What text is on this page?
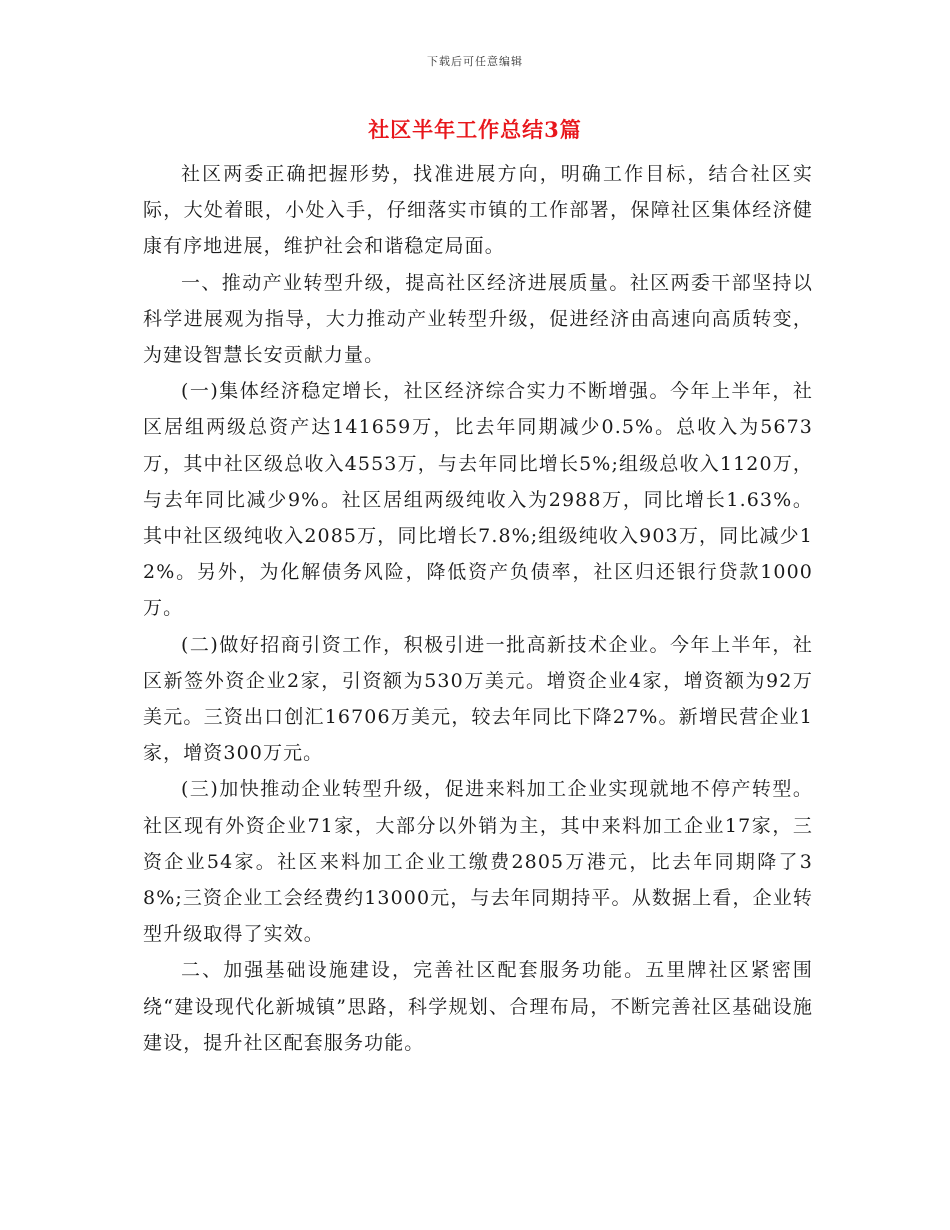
下载后可任意编辑
社区半年工作总结3篇

社区两委正确把握形势，找准进展方向，明确工作目标，结合社区实际，大处着眼，小处入手，仔细落实市镇的工作部署，保障社区集体经济健康有序地进展，维护社会和谐稳定局面。

一、推动产业转型升级，提高社区经济进展质量。社区两委干部坚持以科学进展观为指导，大力推动产业转型升级，促进经济由高速向高质转变，为建设智慧长安贡献力量。

(一)集体经济稳定增长，社区经济综合实力不断增强。今年上半年，社区居组两级总资产达141659万，比去年同期减少0.5%。总收入为5673万，其中社区级总收入4553万，与去年同比增长5%;组级总收入1120万，与去年同比减少9%。社区居组两级纯收入为2988万，同比增长1.63%。其中社区级纯收入2085万，同比增长7.8%;组级纯收入903万，同比减少12%。另外，为化解债务风险，降低资产负债率，社区归还银行贷款1000万。

(二)做好招商引资工作，积极引进一批高新技术企业。今年上半年，社区新签外资企业2家，引资额为530万美元。增资企业4家，增资额为92万美元。三资出口创汇16706万美元，较去年同比下降27%。新增民营企业1家，增资300万元。

(三)加快推动企业转型升级，促进来料加工企业实现就地不停产转型。社区现有外资企业71家，大部分以外销为主，其中来料加工企业17家，三资企业54家。社区来料加工企业工缴费2805万港元，比去年同期降了38%;三资企业工会经费约13000元，与去年同期持平。从数据上看，企业转型升级取得了实效。

二、加强基础设施建设，完善社区配套服务功能。五里牌社区紧密围绕“建设现代化新城镇”思路，科学规划、合理布局，不断完善社区基础设施建设，提升社区配套服务功能。
